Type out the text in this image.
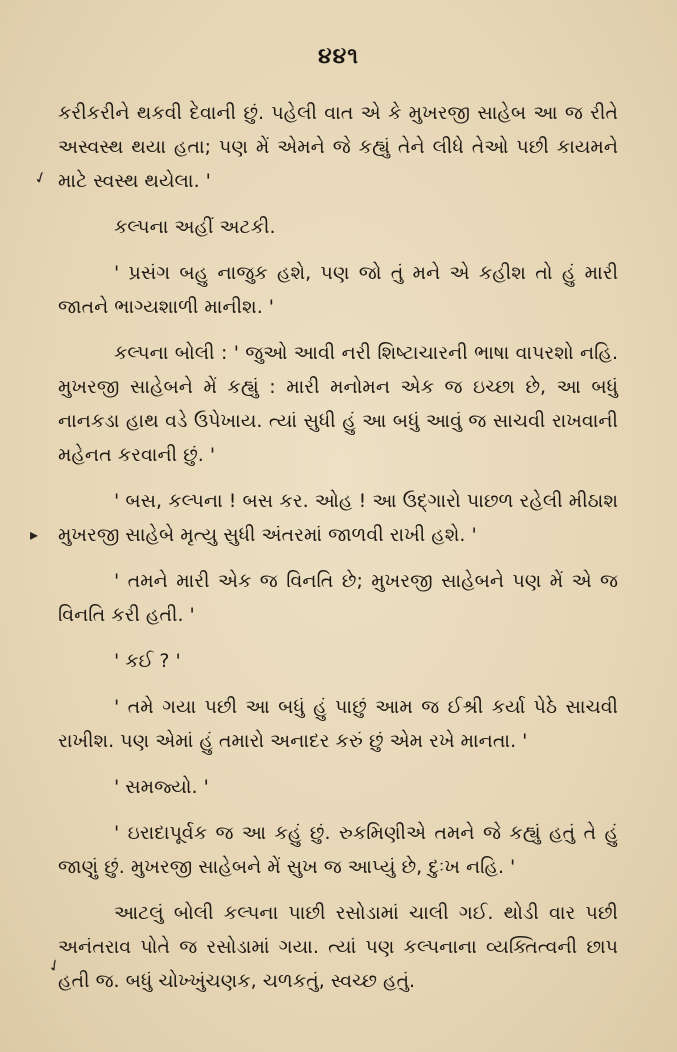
૪૪૧
✓
▸
✓

કરીકરીને થકવી દેવાની છું. પહેલી વાત એ કે મુખરજી સાહેબ આ જ રીતે અસ્વસ્થ થયા હતા; પણ મેં એમને જે કહ્યું તેને લીધે તેઓ પછી કાયમને માટે સ્વસ્થ થયેલા. '

કલ્પના અહીં અટકી.

' પ્રસંગ બહુ નાજુક હશે, પણ જો તું મને એ કહીશ તો હું મારી જાતને ભાગ્યશાળી માનીશ. '

કલ્પના બોલી : ' જુઓ આવી નરી શિષ્ટાચારની ભાષા વાપરશો નહિ. મુખરજી સાહેબને મેં કહ્યું : મારી મનોમન એક જ ઇચ્છા છે, આ બધું નાનકડા હાથ વડે ઉપેખાય. ત્યાં સુધી હું આ બધું આવું જ સાચવી રાખવાની મહેનત કરવાની છું. '

' બસ, કલ્પના ! બસ કર. ઓહ ! આ ઉદ્ગારો પાછળ રહેલી મીઠાશ મુખરજી સાહેબે મૃત્યુ સુધી અંતરમાં જાળવી રાખી હશે. '

' તમને મારી એક જ વિનતિ છે; મુખરજી સાહેબને પણ મેં એ જ વિનતિ કરી હતી. '

' કઈ ? '

' તમે ગયા પછી આ બધું હું પાછું આમ જ ઈશ્રી કર્યા પેઠે સાચવી રાખીશ. પણ એમાં હું તમારો અનાદર કરું છું એમ રખે માનતા. '

' સમજ્યો. '

' ઇરાદાપૂર્વક જ આ કહું છું. રુકમિણીએ તમને જે કહ્યું હતું તે હું જાણું છું. મુખરજી સાહેબને મેં સુખ જ આપ્યું છે, દુઃખ નહિ. '

આટલું બોલી કલ્પના પાછી રસોડામાં ચાલી ગઈ. થોડી વાર પછી અનંતરાવ પોતે જ રસોડામાં ગયા. ત્યાં પણ કલ્પનાના વ્યક્તિત્વની છાપ હતી જ. બધું ચોખ્ખુંચણક, ચળકતું, સ્વચ્છ હતું.
